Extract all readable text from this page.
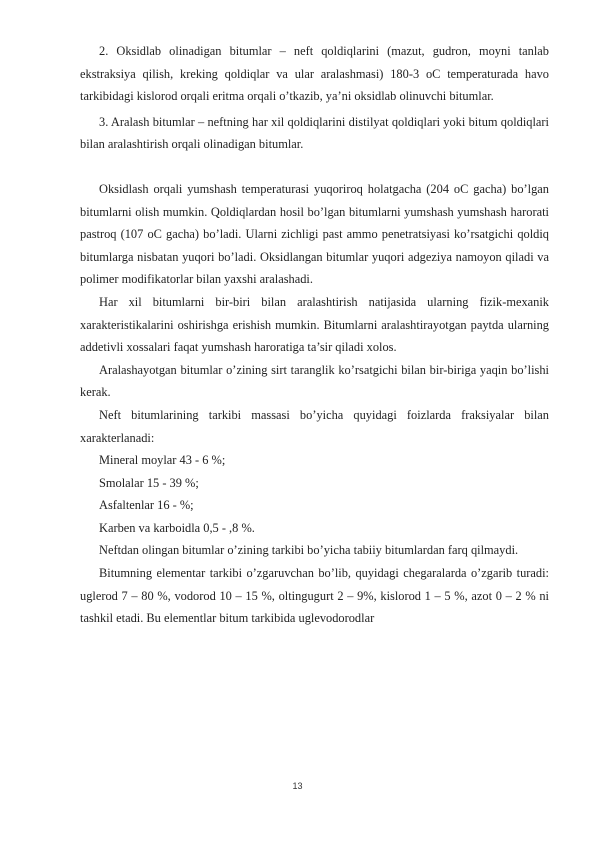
2. Oksidlab olinadigan bitumlar – neft qoldiqlarini (mazut, gudron, moyni tanlab ekstraksiya qilish, kreking qoldiqlar va ular aralashmasi) 180-3 oC temperaturada havo tarkibidagi kislorod orqali eritma orqali o’tkazib, ya’ni oksidlab olinuvchi bitumlar.

3. Aralash bitumlar – neftning har xil qoldiqlarini distilyat qoldiqlari yoki bitum qoldiqlari bilan aralashtirish orqali olinadigan bitumlar.

Oksidlash orqali yumshash temperaturasi yuqoriroq holatgacha (204 oC gacha) bo’lgan bitumlarni olish mumkin. Qoldiqlardan hosil bo’lgan bitumlarni yumshash yumshash harorati pastroq (107 oC gacha) bo’ladi. Ularni zichligi past ammo penetratsiyasi ko’rsatgichi qoldiq bitumlarga nisbatan yuqori bo’ladi. Oksidlangan bitumlar yuqori adgeziya namoyon qiladi va polimer modifikatorlar bilan yaxshi aralashadi.

Har xil bitumlarni bir-biri bilan aralashtirish natijasida ularning fizik-mexanik xarakteristikalarini oshirishga erishish mumkin. Bitumlarni aralashtirayotgan paytda ularning addetivli xossalari faqat yumshash haroratiga ta’sir qiladi xolos.

Aralashayotgan bitumlar o’zining sirt taranglik ko’rsatgichi bilan bir-biriga yaqin bo’lishi kerak.

Neft bitumlarining tarkibi massasi bo’yicha quyidagi foizlarda fraksiyalar bilan xarakterlanadi:

Mineral moylar 43 - 6 %;

Smolalar 15 - 39 %;

Asfaltenlar 16 - %;

Karben va karboidla 0,5 - ,8 %.

Neftdan olingan bitumlar o’zining tarkibi bo’yicha tabiiy bitumlardan farq qilmaydi.

Bitumning elementar tarkibi o’zgaruvchan bo’lib, quyidagi chegaralarda o’zgarib turadi: uglerod 7 – 80 %, vodorod 10 – 15 %, oltingugurt 2 – 9%, kislorod 1 – 5 %, azot 0 – 2 % ni tashkil etadi. Bu elementlar bitum tarkibida uglevodorodlar

13
